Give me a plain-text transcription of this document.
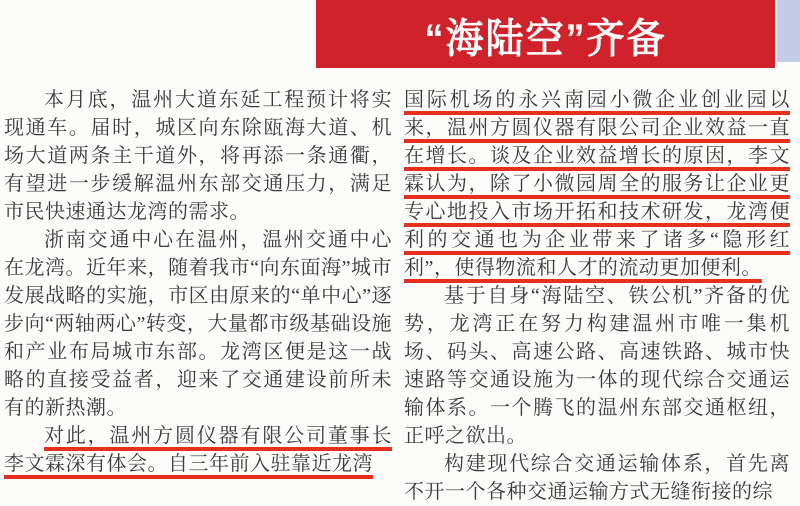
“海陆空”齐备

本月底，温州大道东延工程预计将实现通车。届时，城区向东除瓯海大道、机场大道两条主干道外，将再添一条通衢，有望进一步缓解温州东部交通压力，满足市民快速通达龙湾的需求。

浙南交通中心在温州，温州交通中心在龙湾。近年来，随着我市“向东面海”城市发展战略的实施，市区由原来的“单中心”逐步向“两轴两心”转变，大量都市级基础设施和产业布局城市东部。龙湾区便是这一战略的直接受益者，迎来了交通建设前所未有的新热潮。

对此，温州方圆仪器有限公司董事长李文霖深有体会。自三年前入驻靠近龙湾

国际机场的永兴南园小微企业创业园以来，温州方圆仪器有限公司企业效益一直在增长。谈及企业效益增长的原因，李文霖认为，除了小微园周全的服务让企业更专心地投入市场开拓和技术研发，龙湾便利的交通也为企业带来了诸多“隐形红利”，使得物流和人才的流动更加便利。

基于自身“海陆空、铁公机”齐备的优势，龙湾正在努力构建温州市唯一集机场、码头、高速公路、高速铁路、城市快速路等交通设施为一体的现代综合交通运输体系。一个腾飞的温州东部交通枢纽，正呼之欲出。

构建现代综合交通运输体系，首先离不开一个各种交通运输方式无缝衔接的综
